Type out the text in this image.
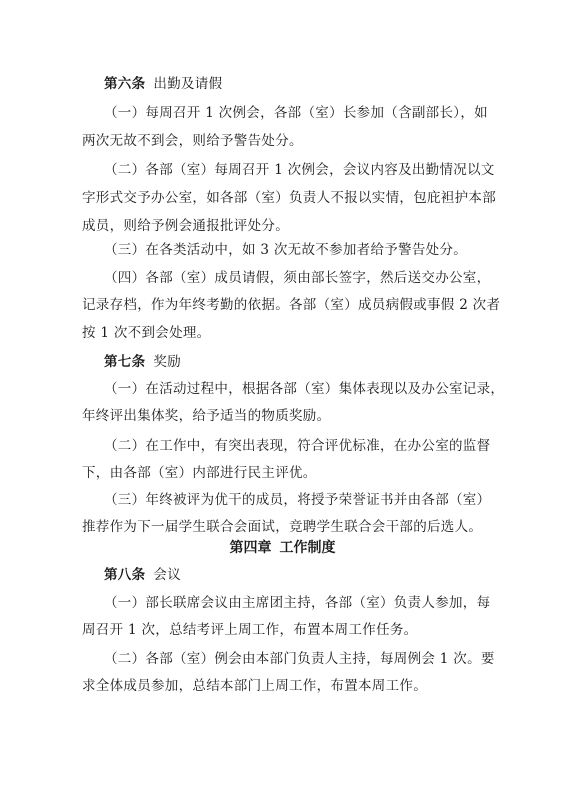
第六条 出勤及请假
（一）每周召开 1 次例会，各部（室）长参加（含副部长），如
两次无故不到会，则给予警告处分。
（二）各部（室）每周召开 1 次例会，会议内容及出勤情况以文
字形式交予办公室，如各部（室）负责人不报以实情，包庇袒护本部
成员，则给予例会通报批评处分。
（三）在各类活动中，如 3 次无故不参加者给予警告处分。
（四）各部（室）成员请假，须由部长签字，然后送交办公室，
记录存档，作为年终考勤的依据。各部（室）成员病假或事假 2 次者
按 1 次不到会处理。
第七条 奖励
（一）在活动过程中，根据各部（室）集体表现以及办公室记录，
年终评出集体奖，给予适当的物质奖励。
（二）在工作中，有突出表现，符合评优标准，在办公室的监督
下，由各部（室）内部进行民主评优。
（三）年终被评为优干的成员，将授予荣誉证书并由各部（室）
推荐作为下一届学生联合会面试，竞聘学生联合会干部的后选人。
第四章 工作制度
第八条 会议
（一）部长联席会议由主席团主持，各部（室）负责人参加，每
周召开 1 次，总结考评上周工作，布置本周工作任务。
（二）各部（室）例会由本部门负责人主持，每周例会 1 次。要
求全体成员参加，总结本部门上周工作，布置本周工作。
